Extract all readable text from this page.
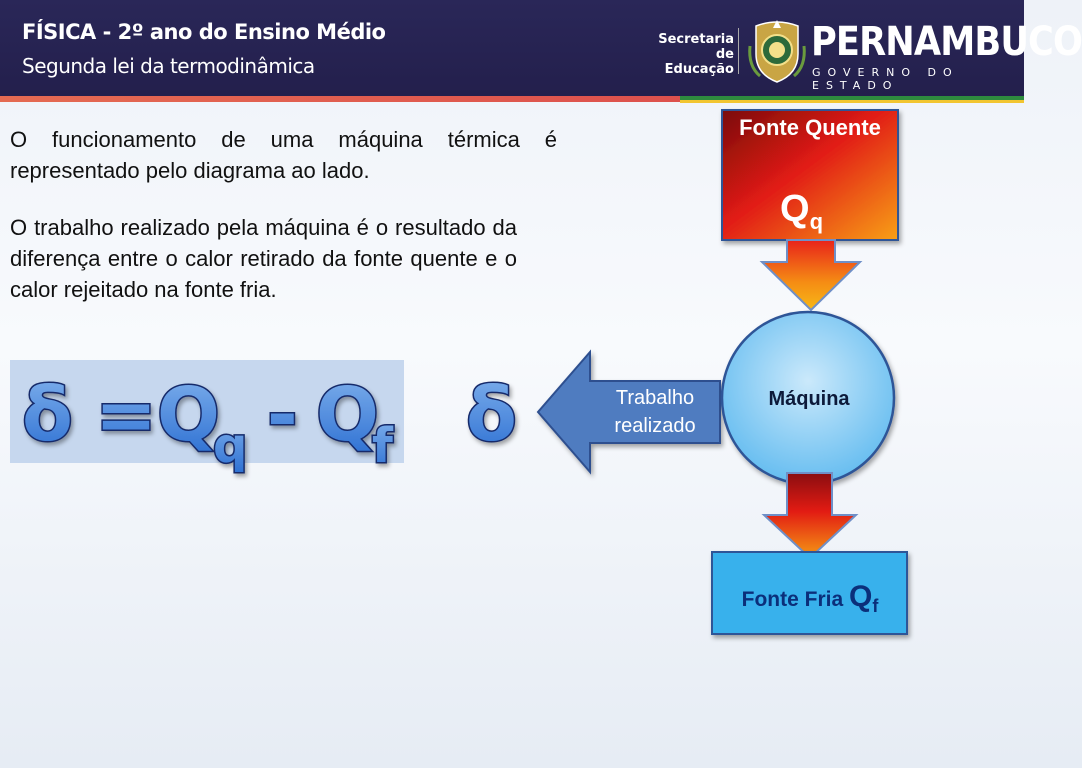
FÍSICA - 2º ano do Ensino Médio
Segunda lei da termodinâmica
Secretaria de
Educação
PERNAMBUCO
GOVERNO DO ESTADO

O funcionamento de uma máquina térmica é representado pelo diagrama ao lado.

O trabalho realizado pela máquina é o resultado da diferença entre o calor retirado da fonte quente e o calor rejeitado na fonte fria.

δ = Q
q - Q
f δ
Fonte Quente
$Q_q$
Trabalho realizado
Máquina
Fonte Fria $Q_f$
